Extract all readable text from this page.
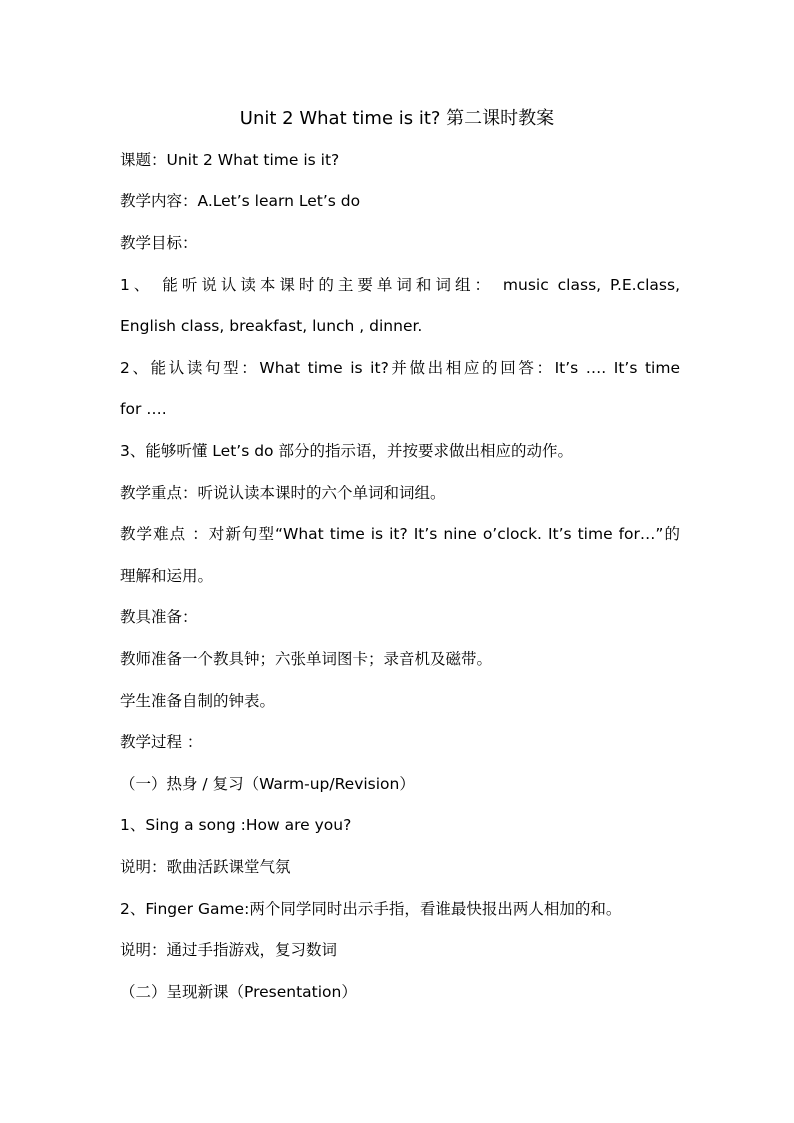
Unit 2 What time is it? 第二课时教案
课题：Unit 2 What time is it?
教学内容：A.Let’s learn Let’s do
教学目标：
1、 能听说认读本课时的主要单词和词组： music class, P.E.class,
English class, breakfast, lunch , dinner.
2、能认读句型：What time is it?并做出相应的回答：It’s …. It’s time
for ….
3、能够听懂 Let’s do 部分的指示语，并按要求做出相应的动作。
教学重点：听说认读本课时的六个单词和词组。
教学难点 ：对新句型“What time is it? It’s nine o’clock. It’s time for…”的
理解和运用。
教具准备：
教师准备一个教具钟；六张单词图卡；录音机及磁带。
学生准备自制的钟表。
教学过程 ：
（一）热身 / 复习（Warm-up/Revision）
1、Sing a song :How are you?
说明：歌曲活跃课堂气氛
2、Finger Game:两个同学同时出示手指，看谁最快报出两人相加的和。
说明：通过手指游戏，复习数词
（二）呈现新课（Presentation）
